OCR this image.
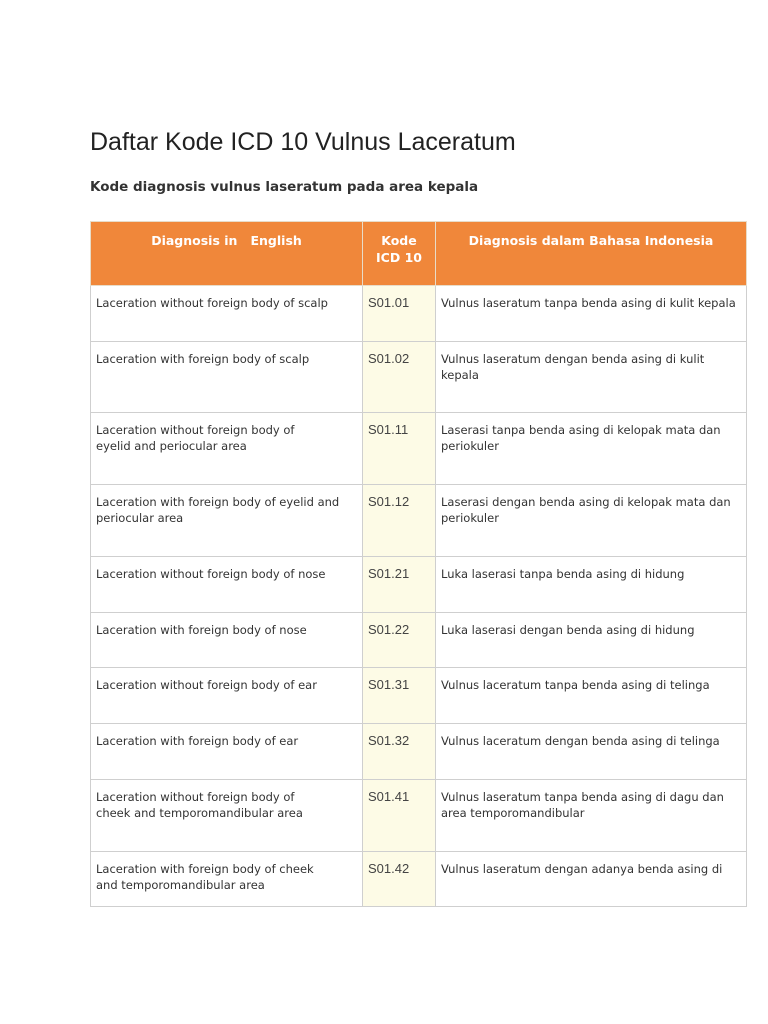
Daftar Kode ICD 10 Vulnus Laceratum
Kode diagnosis vulnus laseratum pada area kepala
Diagnosis in   English	Kode ICD 10	Diagnosis dalam Bahasa Indonesia
Laceration without foreign body of scalp	S01.01	Vulnus laseratum tanpa benda asing di kulit kepala
Laceration with foreign body of scalp	S01.02	Vulnus laseratum dengan benda asing di kulit kepala
Laceration without foreign body of
eyelid and periocular area	S01.11	Laserasi tanpa benda asing di kelopak mata dan periokuler
Laceration with foreign body of eyelid and
periocular area	S01.12	Laserasi dengan benda asing di kelopak mata dan periokuler
Laceration without foreign body of nose	S01.21	Luka laserasi tanpa benda asing di hidung
Laceration with foreign body of nose	S01.22	Luka laserasi dengan benda asing di hidung
Laceration without foreign body of ear	S01.31	Vulnus laceratum tanpa benda asing di telinga
Laceration with foreign body of ear	S01.32	Vulnus laceratum dengan benda asing di telinga
Laceration without foreign body of
cheek and temporomandibular area	S01.41	Vulnus laseratum tanpa benda asing di dagu dan area temporomandibular
Laceration with foreign body of cheek
and temporomandibular area	S01.42	Vulnus laseratum dengan adanya benda asing di
